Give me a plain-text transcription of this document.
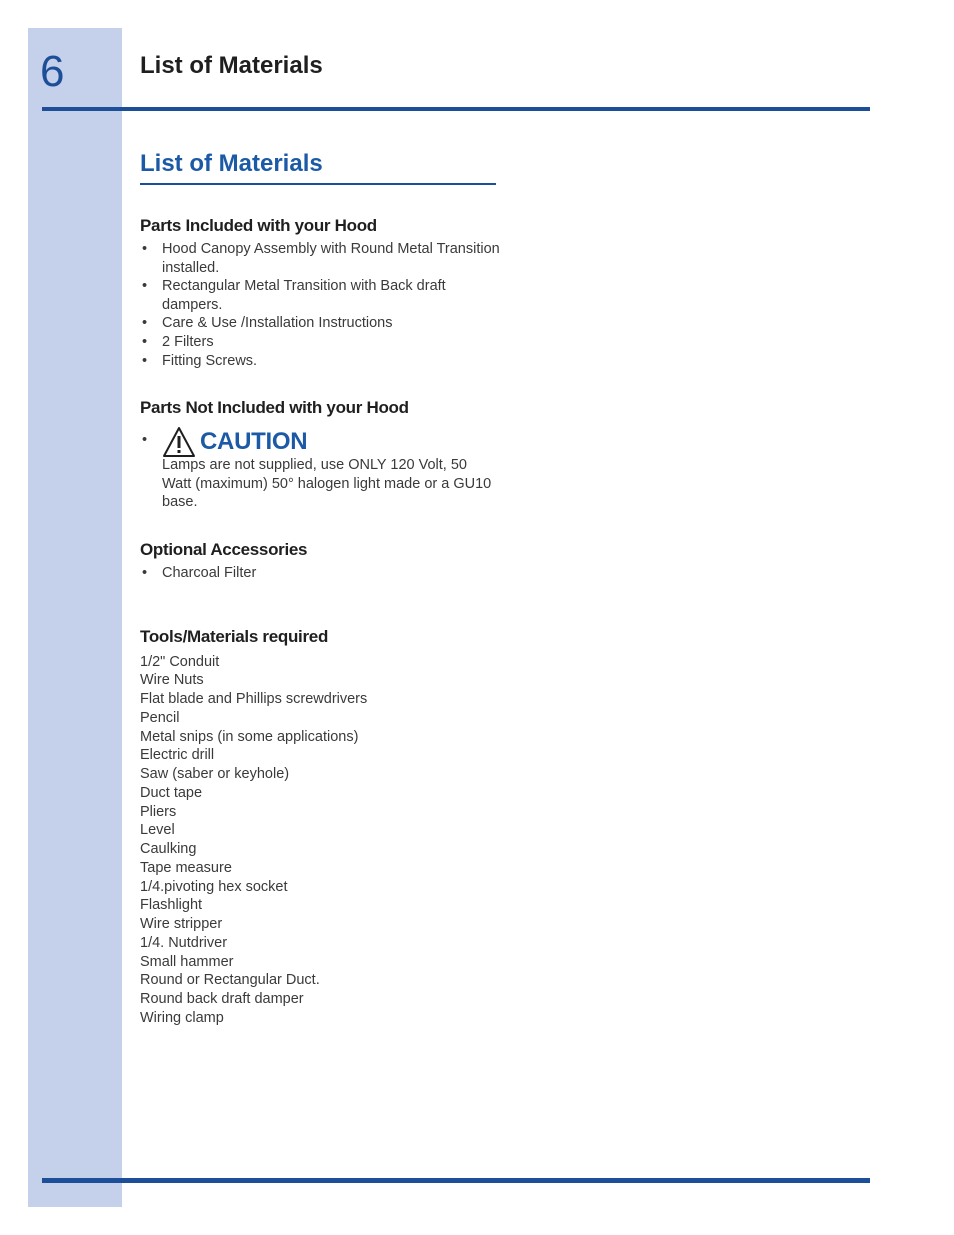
6	List of Materials
List of Materials
Parts Included with your Hood
• Hood Canopy Assembly with Round Metal Transition installed.
• Rectangular Metal Transition with Back draft dampers.
• Care & Use /Installation Instructions
• 2 Filters
• Fitting Screws.
Parts Not Included with your Hood
• CAUTION
Lamps are not supplied, use ONLY 120 Volt, 50 Watt (maximum) 50° halogen light made or a GU10 base.
Optional Accessories
• Charcoal Filter
Tools/Materials required
1/2" Conduit
Wire Nuts
Flat blade and Phillips screwdrivers
Pencil
Metal snips (in some applications)
Electric drill
Saw (saber or keyhole)
Duct tape
Pliers
Level
Caulking
Tape measure
1/4.pivoting hex socket
Flashlight
Wire stripper
1/4. Nutdriver
Small hammer
Round or Rectangular Duct.
Round back draft damper
Wiring clamp
